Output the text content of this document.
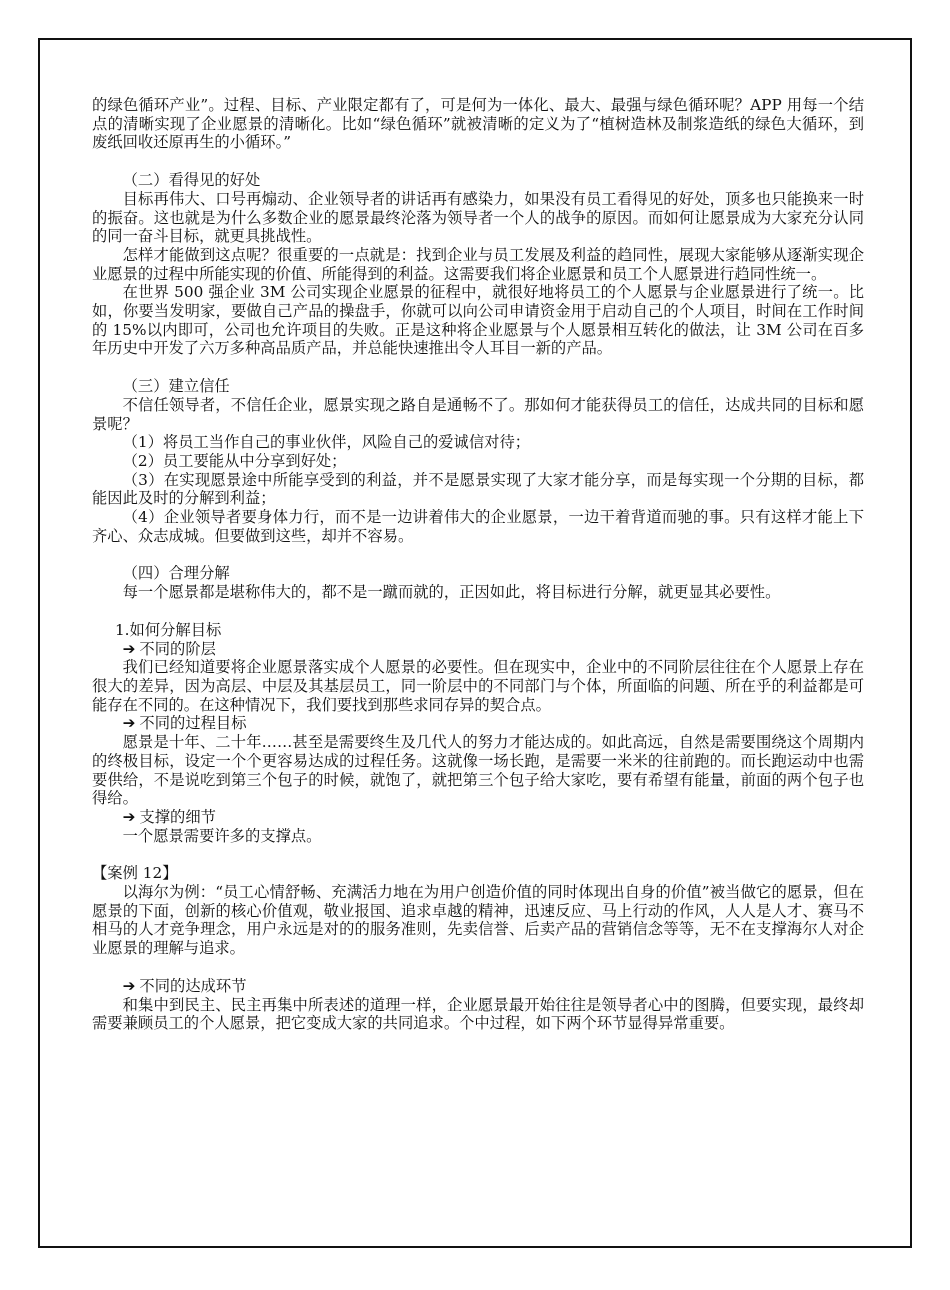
的绿色循环产业”。过程、目标、产业限定都有了，可是何为一体化、最大、最强与绿色循环呢？APP 用每一个结点的清晰实现了企业愿景的清晰化。比如“绿色循环”就被清晰的定义为了“植树造林及制浆造纸的绿色大循环，到废纸回收还原再生的小循环。”

（二）看得见的好处

目标再伟大、口号再煽动、企业领导者的讲话再有感染力，如果没有员工看得见的好处，顶多也只能换来一时的振奋。这也就是为什么多数企业的愿景最终沦落为领导者一个人的战争的原因。而如何让愿景成为大家充分认同的同一奋斗目标，就更具挑战性。

怎样才能做到这点呢？很重要的一点就是：找到企业与员工发展及利益的趋同性，展现大家能够从逐渐实现企业愿景的过程中所能实现的价值、所能得到的利益。这需要我们将企业愿景和员工个人愿景进行趋同性统一。

在世界 500 强企业 3M 公司实现企业愿景的征程中，就很好地将员工的个人愿景与企业愿景进行了统一。比如，你要当发明家，要做自己产品的操盘手，你就可以向公司申请资金用于启动自己的个人项目，时间在工作时间的 15%以内即可，公司也允许项目的失败。正是这种将企业愿景与个人愿景相互转化的做法，让 3M 公司在百多年历史中开发了六万多种高品质产品，并总能快速推出令人耳目一新的产品。

（三）建立信任

不信任领导者，不信任企业，愿景实现之路自是通畅不了。那如何才能获得员工的信任，达成共同的目标和愿景呢？

（1）将员工当作自己的事业伙伴，风险自己的爱诚信对待；

（2）员工要能从中分享到好处；

（3）在实现愿景途中所能享受到的利益，并不是愿景实现了大家才能分享，而是每实现一个分期的目标，都能因此及时的分解到利益；

（4）企业领导者要身体力行，而不是一边讲着伟大的企业愿景，一边干着背道而驰的事。只有这样才能上下齐心、众志成城。但要做到这些，却并不容易。

（四）合理分解

每一个愿景都是堪称伟大的，都不是一蹴而就的，正因如此，将目标进行分解，就更显其必要性。

1.如何分解目标

➔ 不同的阶层

我们已经知道要将企业愿景落实成个人愿景的必要性。但在现实中，企业中的不同阶层往往在个人愿景上存在很大的差异，因为高层、中层及其基层员工，同一阶层中的不同部门与个体，所面临的问题、所在乎的利益都是可能存在不同的。在这种情况下，我们要找到那些求同存异的契合点。

➔ 不同的过程目标

愿景是十年、二十年……甚至是需要终生及几代人的努力才能达成的。如此高远，自然是需要围绕这个周期内的终极目标，设定一个个更容易达成的过程任务。这就像一场长跑，是需要一米米的往前跑的。而长跑运动中也需要供给，不是说吃到第三个包子的时候，就饱了，就把第三个包子给大家吃，要有希望有能量，前面的两个包子也得给。

➔ 支撑的细节

一个愿景需要许多的支撑点。

【案例 12】

以海尔为例：“员工心情舒畅、充满活力地在为用户创造价值的同时体现出自身的价值”被当做它的愿景，但在愿景的下面，创新的核心价值观，敬业报国、追求卓越的精神，迅速反应、马上行动的作风，人人是人才、赛马不相马的人才竞争理念，用户永远是对的的服务准则，先卖信誉、后卖产品的营销信念等等，无不在支撑海尔人对企业愿景的理解与追求。

➔ 不同的达成环节

和集中到民主、民主再集中所表述的道理一样，企业愿景最开始往往是领导者心中的图腾，但要实现，最终却需要兼顾员工的个人愿景，把它变成大家的共同追求。个中过程，如下两个环节显得异常重要。
